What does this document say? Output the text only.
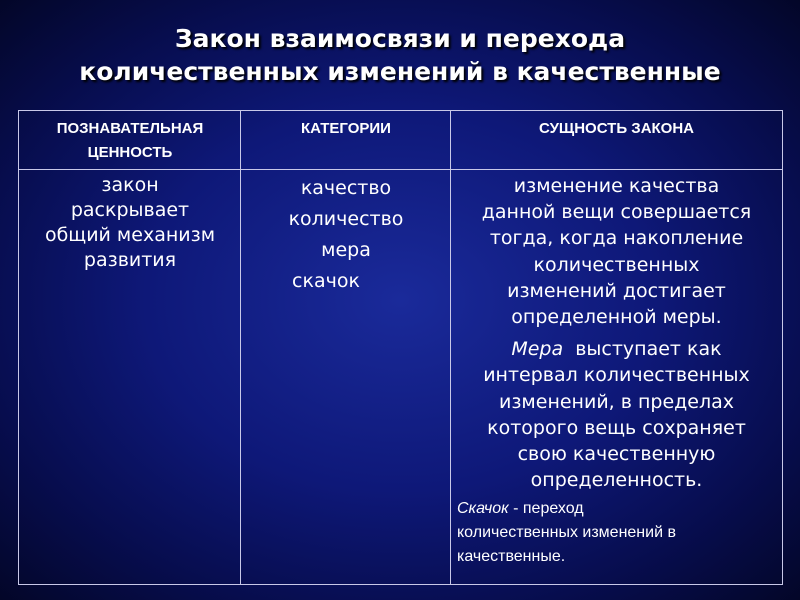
Закон взаимосвязи и перехода
количественных изменений в качественные
ПОЗНАВАТЕЛЬНАЯ
ЦЕННОСТЬ
КАТЕГОРИИ	СУЩНОСТЬ ЗАКОНА
закон
раскрывает
общий механизм
развития
качество
количество
мера
скачок
изменение качества
данной вещи совершается
тогда, когда накопление
количественных
изменений достигает
определенной меры.
Мера  выступает как
интервал количественных
изменений, в пределах
которого вещь сохраняет
свою качественную
определенность.
Скачок - переход
количественных изменений в
качественные.
